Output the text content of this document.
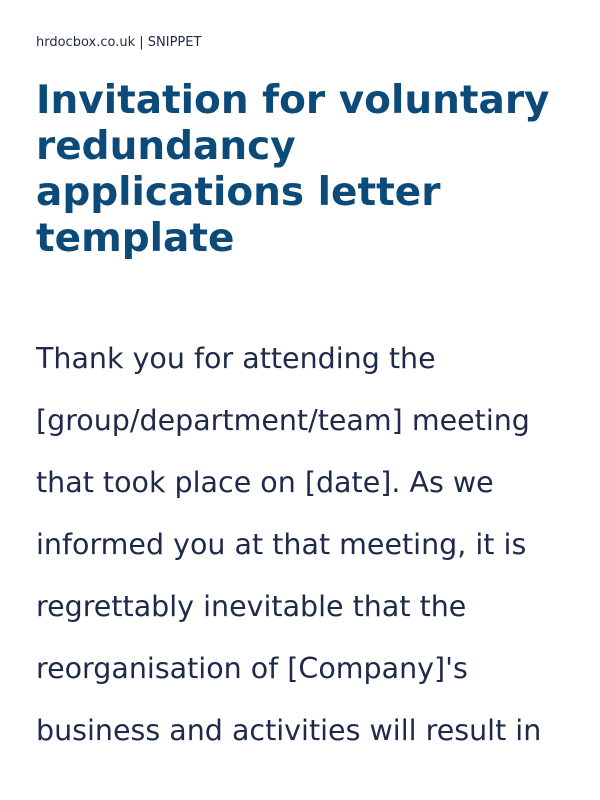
hrdocbox.co.uk | SNIPPET
Invitation for voluntary redundancy applications letter template

Thank you for attending the [group/department/team] meeting that took place on [date]. As we informed you at that meeting, it is regrettably inevitable that the reorganisation of [Company]'s business and activities will result in
